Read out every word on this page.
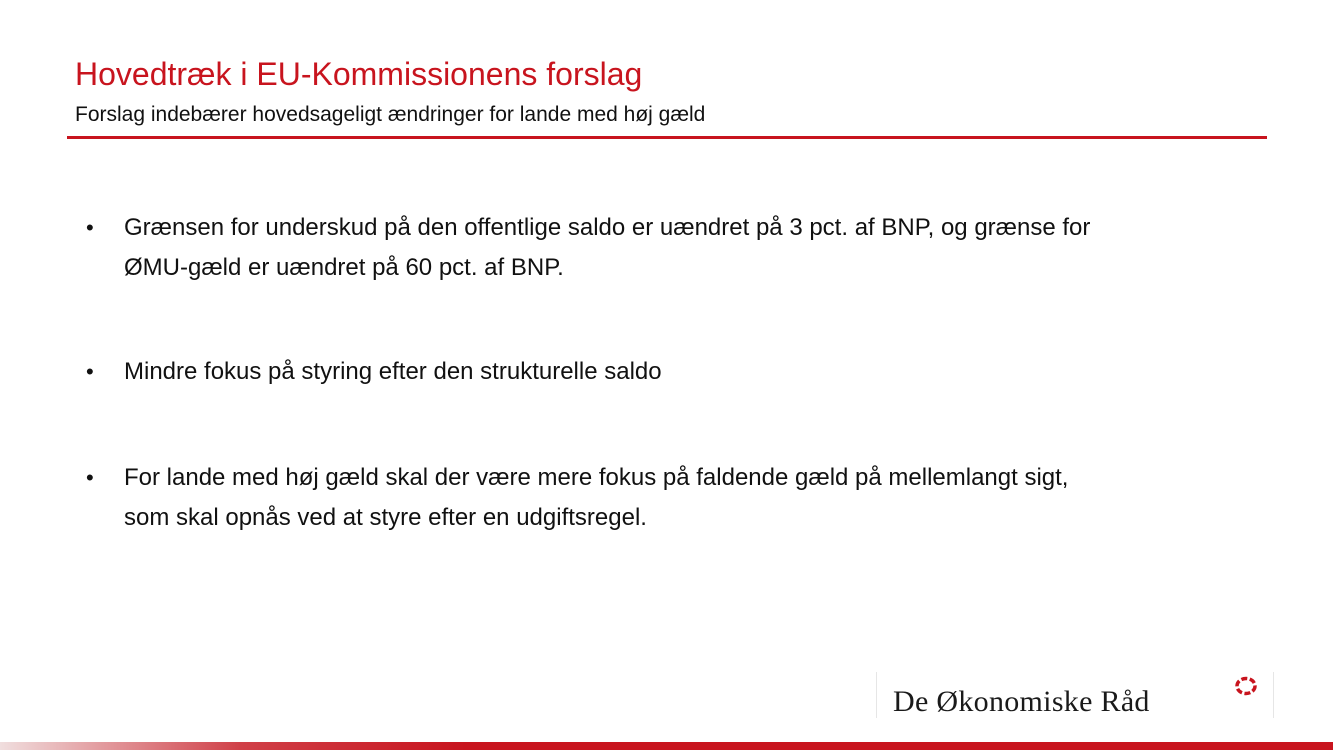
Hovedtræk i EU-Kommissionens forslag
Forslag indebærer hovedsageligt ændringer for lande med høj gæld
•	Grænsen for underskud på den offentlige saldo er uændret på 3 pct. af BNP, og grænse for
ØMU-gæld er uændret på 60 pct. af BNP.
•	Mindre fokus på styring efter den strukturelle saldo
•	For lande med høj gæld skal der være mere fokus på faldende gæld på mellemlangt sigt,
som skal opnås ved at styre efter en udgiftsregel.
De Økonomiske Råd
